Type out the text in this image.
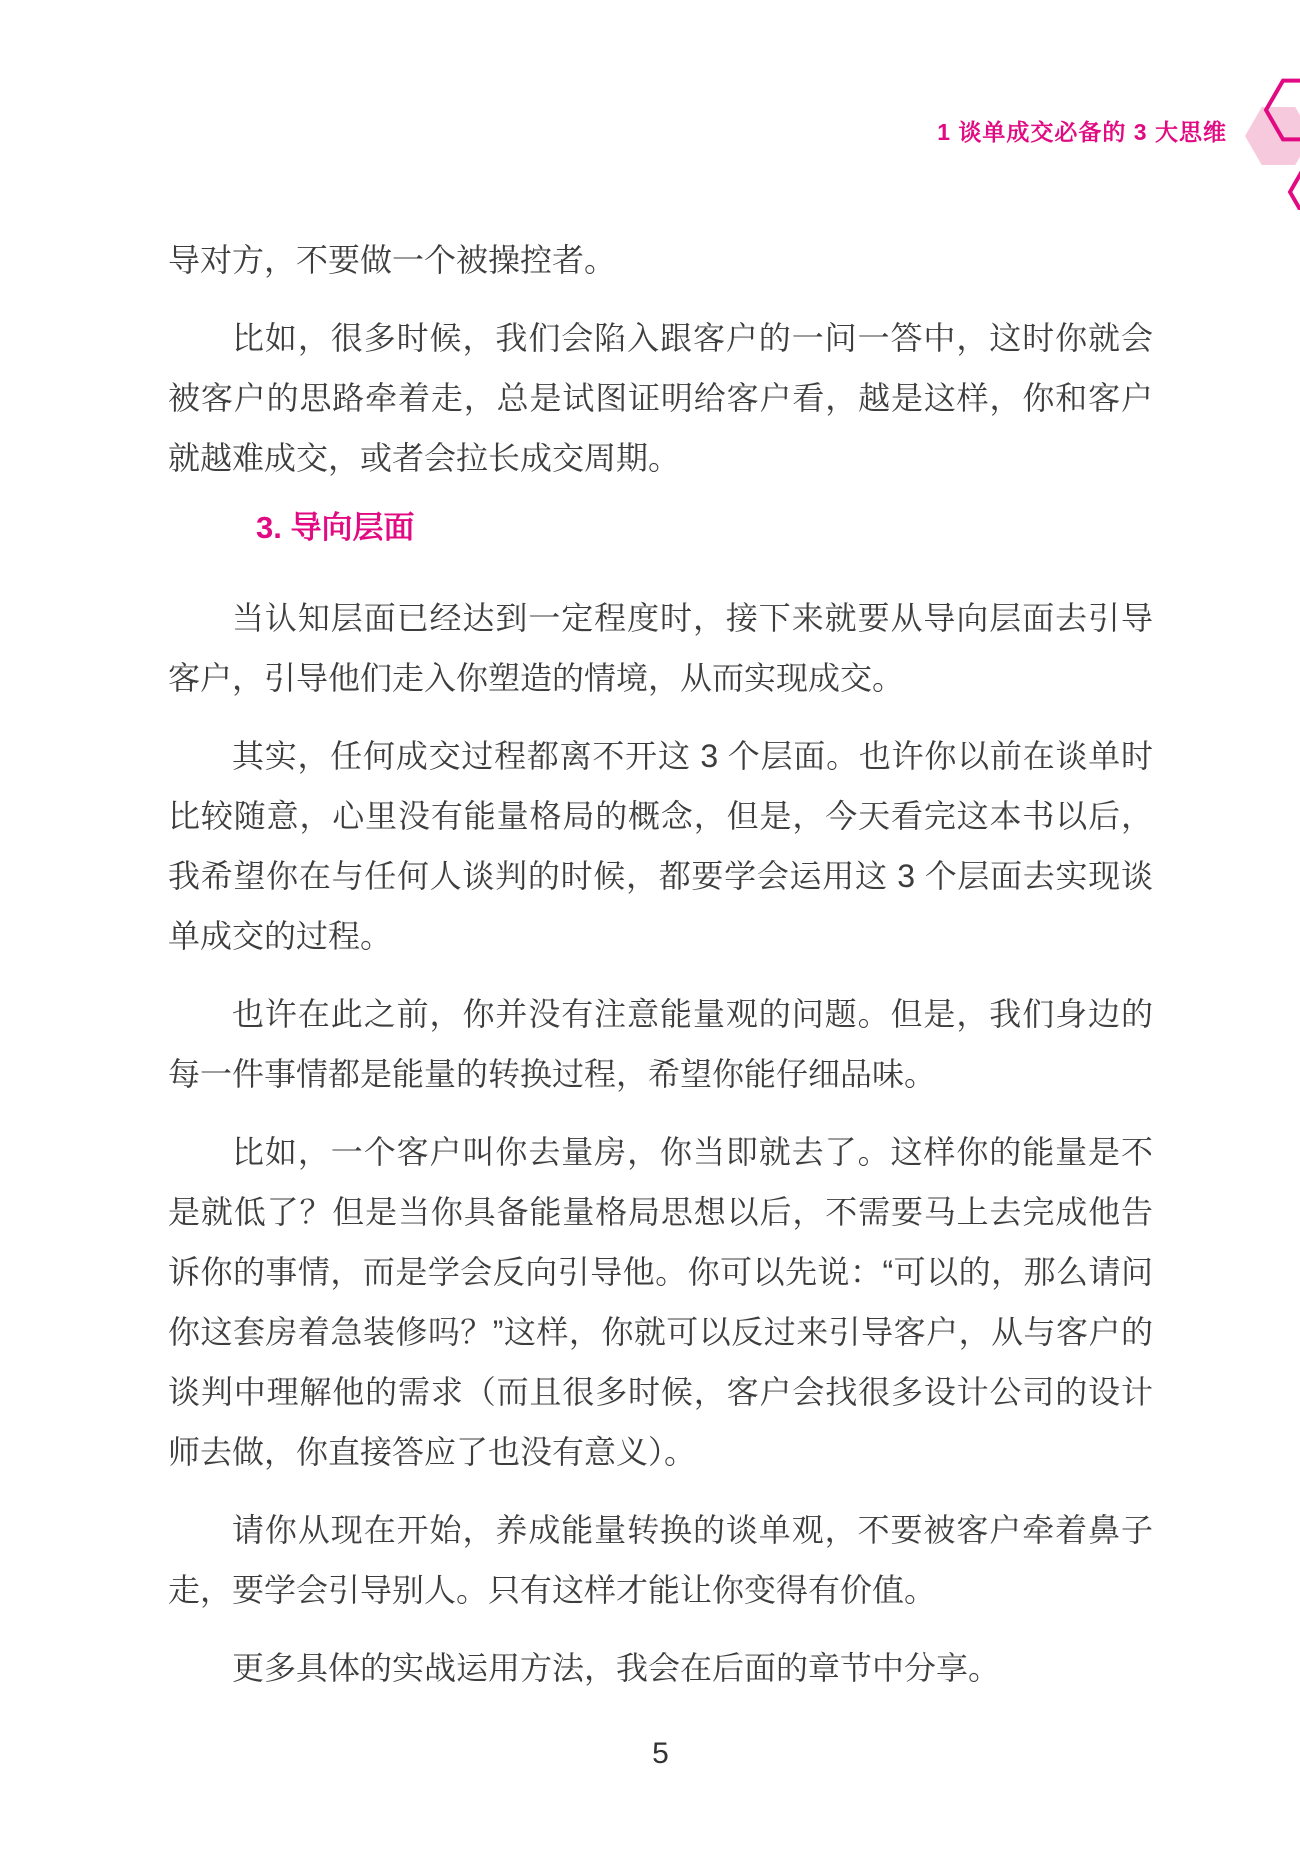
1 谈单成交必备的 3 大思维

导对方，不要做一个被操控者。

比如，很多时候，我们会陷入跟客户的一问一答中，这时你就会被客户的思路牵着走，总是试图证明给客户看，越是这样，你和客户就越难成交，或者会拉长成交周期。

3. 导向层面

当认知层面已经达到一定程度时，接下来就要从导向层面去引导客户，引导他们走入你塑造的情境，从而实现成交。

其实，任何成交过程都离不开这 3 个层面。也许你以前在谈单时比较随意，心里没有能量格局的概念，但是，今天看完这本书以后，我希望你在与任何人谈判的时候，都要学会运用这 3 个层面去实现谈单成交的过程。

也许在此之前，你并没有注意能量观的问题。但是，我们身边的每一件事情都是能量的转换过程，希望你能仔细品味。

比如，一个客户叫你去量房，你当即就去了。这样你的能量是不是就低了？但是当你具备能量格局思想以后，不需要马上去完成他告诉你的事情，而是学会反向引导他。你可以先说：“可以的，那么请问你这套房着急装修吗？”这样，你就可以反过来引导客户，从与客户的谈判中理解他的需求（而且很多时候，客户会找很多设计公司的设计师去做，你直接答应了也没有意义）。

请你从现在开始，养成能量转换的谈单观，不要被客户牵着鼻子走，要学会引导别人。只有这样才能让你变得有价值。

更多具体的实战运用方法，我会在后面的章节中分享。

5
